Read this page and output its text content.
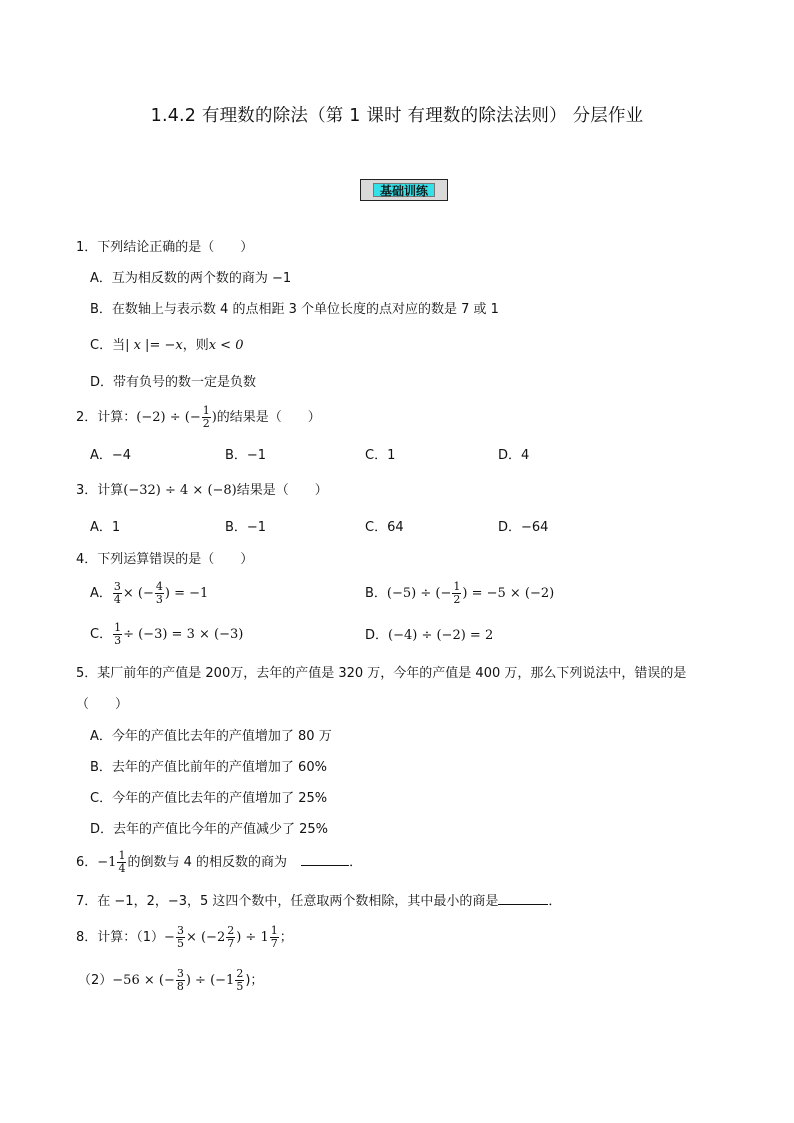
1.4.2 有理数的除法（第 1 课时 有理数的除法法则） 分层作业
基础训练
1．下列结论正确的是（　　）
A．互为相反数的两个数的商为 −1
B．在数轴上与表示数 4 的点相距 3 个单位长度的点对应的数是 7 或 1
C．当| x |= −x，则x < 0
D．带有负号的数一定是负数
2．计算：(−2) ÷ (− $\frac{1}{2}$ )的结果是（　　）
A．−4	B．−1	C．1	D．4
3．计算(−32) ÷ 4 × (−8)结果是（　　）
A．1	B．−1	C．64	D．−64
4．下列运算错误的是（　　）
A． $\frac{3}{4}$ × (− $\frac{4}{3}$ ) = −1	B．(−5) ÷ (− $\frac{1}{2}$ ) = −5 × (−2)
C． $\frac{1}{3} \div (-3) = 3 \times (-3)$	D．(−4) ÷ (−2) = 2
5．某厂前年的产值是 200万，去年的产值是 320 万，今年的产值是 400 万，那么下列说法中，错误的是
（　　）
A．今年的产值比去年的产值增加了 80 万
B．去年的产值比前年的产值增加了 60%
C．今年的产值比去年的产值增加了 25%
D．去年的产值比今年的产值减少了 25%
6．$-1 \frac{1}{4}$ 的倒数与 4 的相反数的商为	．
7．在 −1，2，−3，5 这四个数中，任意取两个数相除，其中最小的商是	．
8．计算：$(1)- \frac{3}{5} \times (-2 \frac{2}{7}$ ) ÷ $1 \frac{1}{7}$ ；
（2）−56 × (− $\frac{3}{8}$ ) ÷ ($-1 \frac{2}{5}$ )；
